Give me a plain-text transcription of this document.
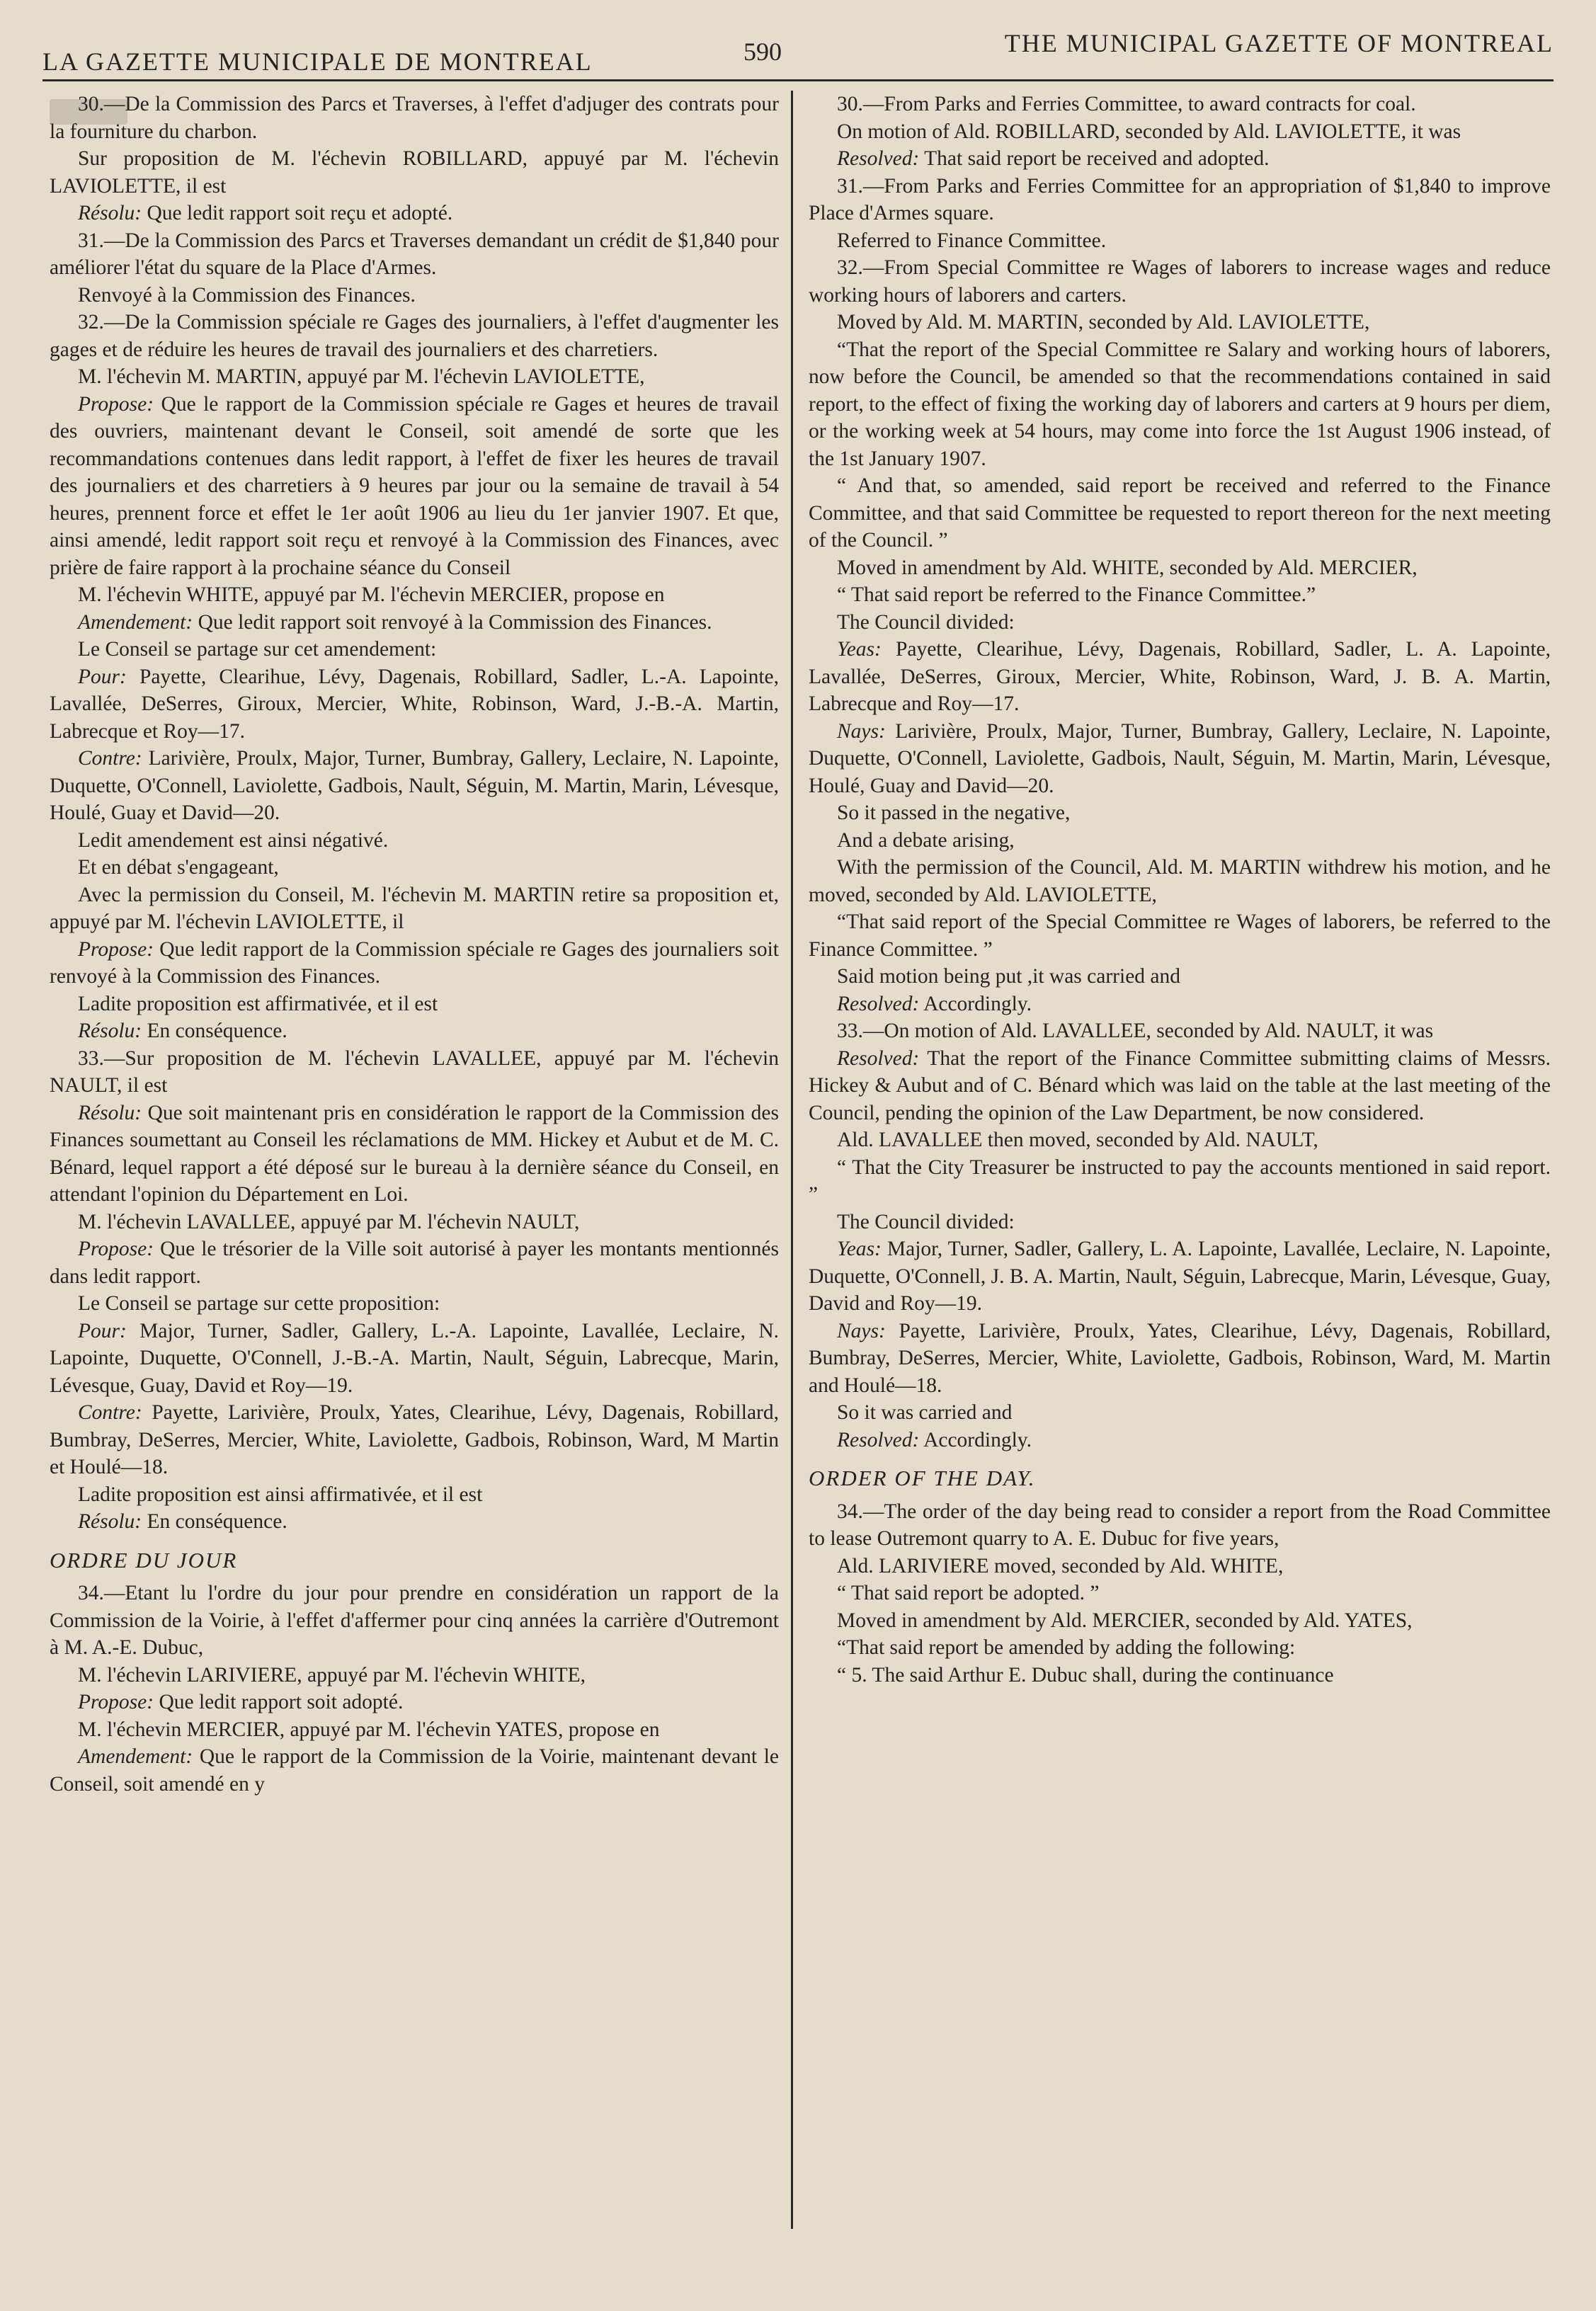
LA GAZETTE MUNICIPALE DE MONTREAL	590	THE MUNICIPAL GAZETTE OF MONTREAL

30.—De la Commission des Parcs et Traverses, à l'effet d'adjuger des contrats pour la fourniture du charbon.

Sur proposition de M. l'échevin ROBILLARD, appuyé par M. l'échevin LAVIOLETTE, il est

Résolu: Que ledit rapport soit reçu et adopté.

31.—De la Commission des Parcs et Traverses demandant un crédit de $1,840 pour améliorer l'état du square de la Place d'Armes.

Renvoyé à la Commission des Finances.

32.—De la Commission spéciale re Gages des journaliers, à l'effet d'augmenter les gages et de réduire les heures de travail des journaliers et des charretiers.

M. l'échevin M. MARTIN, appuyé par M. l'échevin LAVIOLETTE,

Propose: Que le rapport de la Commission spéciale re Gages et heures de travail des ouvriers, maintenant devant le Conseil, soit amendé de sorte que les recommandations contenues dans ledit rapport, à l'effet de fixer les heures de travail des journaliers et des charretiers à 9 heures par jour ou la semaine de travail à 54 heures, prennent force et effet le 1er août 1906 au lieu du 1er janvier 1907. Et que, ainsi amendé, ledit rapport soit reçu et renvoyé à la Commission des Finances, avec prière de faire rapport à la prochaine séance du Conseil

M. l'échevin WHITE, appuyé par M. l'échevin MERCIER, propose en

Amendement: Que ledit rapport soit renvoyé à la Commission des Finances.

Le Conseil se partage sur cet amendement:

Pour: Payette, Clearihue, Lévy, Dagenais, Robillard, Sadler, L.-A. Lapointe, Lavallée, DeSerres, Giroux, Mercier, White, Robinson, Ward, J.-B.-A. Martin, Labrecque et Roy—17.

Contre: Larivière, Proulx, Major, Turner, Bumbray, Gallery, Leclaire, N. Lapointe, Duquette, O'Connell, Laviolette, Gadbois, Nault, Séguin, M. Martin, Marin, Lévesque, Houlé, Guay et David—20.

Ledit amendement est ainsi négativé.

Et en débat s'engageant,

Avec la permission du Conseil, M. l'échevin M. MARTIN retire sa proposition et, appuyé par M. l'échevin LAVIOLETTE, il

Propose: Que ledit rapport de la Commission spéciale re Gages des journaliers soit renvoyé à la Commission des Finances.

Ladite proposition est affirmativée, et il est

Résolu: En conséquence.

33.—Sur proposition de M. l'échevin LAVALLEE, appuyé par M. l'échevin NAULT, il est

Résolu: Que soit maintenant pris en considération le rapport de la Commission des Finances soumettant au Conseil les réclamations de MM. Hickey et Aubut et de M. C. Bénard, lequel rapport a été déposé sur le bureau à la dernière séance du Conseil, en attendant l'opinion du Département en Loi.

M. l'échevin LAVALLEE, appuyé par M. l'échevin NAULT,

Propose: Que le trésorier de la Ville soit autorisé à payer les montants mentionnés dans ledit rapport.

Le Conseil se partage sur cette proposition:

Pour: Major, Turner, Sadler, Gallery, L.-A. Lapointe, Lavallée, Leclaire, N. Lapointe, Duquette, O'Connell, J.-B.-A. Martin, Nault, Séguin, Labrecque, Marin, Lévesque, Guay, David et Roy—19.

Contre: Payette, Larivière, Proulx, Yates, Clearihue, Lévy, Dagenais, Robillard, Bumbray, DeSerres, Mercier, White, Laviolette, Gadbois, Robinson, Ward, M Martin et Houlé—18.

Ladite proposition est ainsi affirmativée, et il est

Résolu: En conséquence.

ORDRE DU JOUR

34.—Etant lu l'ordre du jour pour prendre en considération un rapport de la Commission de la Voirie, à l'effet d'affermer pour cinq années la carrière d'Outremont à M. A.-E. Dubuc,

M. l'échevin LARIVIERE, appuyé par M. l'échevin WHITE,

Propose: Que ledit rapport soit adopté.

M. l'échevin MERCIER, appuyé par M. l'échevin YATES, propose en

Amendement: Que le rapport de la Commission de la Voirie, maintenant devant le Conseil, soit amendé en y

30.—From Parks and Ferries Committee, to award contracts for coal.

On motion of Ald. ROBILLARD, seconded by Ald. LAVIOLETTE, it was

Resolved: That said report be received and adopted.

31.—From Parks and Ferries Committee for an appropriation of $1,840 to improve Place d'Armes square.

Referred to Finance Committee.

32.—From Special Committee re Wages of laborers to increase wages and reduce working hours of laborers and carters.

Moved by Ald. M. MARTIN, seconded by Ald. LAVIOLETTE,

“That the report of the Special Committee re Salary and working hours of laborers, now before the Council, be amended so that the recommendations contained in said report, to the effect of fixing the working day of laborers and carters at 9 hours per diem, or the working week at 54 hours, may come into force the 1st August 1906 instead, of the 1st January 1907.

“ And that, so amended, said report be received and referred to the Finance Committee, and that said Committee be requested to report thereon for the next meeting of the Council. ”

Moved in amendment by Ald. WHITE, seconded by Ald. MERCIER,

“ That said report be referred to the Finance Committee.”

The Council divided:

Yeas: Payette, Clearihue, Lévy, Dagenais, Robillard, Sadler, L. A. Lapointe, Lavallée, DeSerres, Giroux, Mercier, White, Robinson, Ward, J. B. A. Martin, Labrecque and Roy—17.

Nays: Larivière, Proulx, Major, Turner, Bumbray, Gallery, Leclaire, N. Lapointe, Duquette, O'Connell, Laviolette, Gadbois, Nault, Séguin, M. Martin, Marin, Lévesque, Houlé, Guay and David—20.

So it passed in the negative,

And a debate arising,

With the permission of the Council, Ald. M. MARTIN withdrew his motion, and he moved, seconded by Ald. LAVIOLETTE,

“That said report of the Special Committee re Wages of laborers, be referred to the Finance Committee. ”

Said motion being put ,it was carried and

Resolved: Accordingly.

33.—On motion of Ald. LAVALLEE, seconded by Ald. NAULT, it was

Resolved: That the report of the Finance Committee submitting claims of Messrs. Hickey & Aubut and of C. Bénard which was laid on the table at the last meeting of the Council, pending the opinion of the Law Department, be now considered.

Ald. LAVALLEE then moved, seconded by Ald. NAULT,

“ That the City Treasurer be instructed to pay the accounts mentioned in said report. ”

The Council divided:

Yeas: Major, Turner, Sadler, Gallery, L. A. Lapointe, Lavallée, Leclaire, N. Lapointe, Duquette, O'Connell, J. B. A. Martin, Nault, Séguin, Labrecque, Marin, Lévesque, Guay, David and Roy—19.

Nays: Payette, Larivière, Proulx, Yates, Clearihue, Lévy, Dagenais, Robillard, Bumbray, DeSerres, Mercier, White, Laviolette, Gadbois, Robinson, Ward, M. Martin and Houlé—18.

So it was carried and

Resolved: Accordingly.

ORDER OF THE DAY.

34.—The order of the day being read to consider a report from the Road Committee to lease Outremont quarry to A. E. Dubuc for five years,

Ald. LARIVIERE moved, seconded by Ald. WHITE,

“ That said report be adopted. ”

Moved in amendment by Ald. MERCIER, seconded by Ald. YATES,

“That said report be amended by adding the following:

“ 5. The said Arthur E. Dubuc shall, during the continuance
